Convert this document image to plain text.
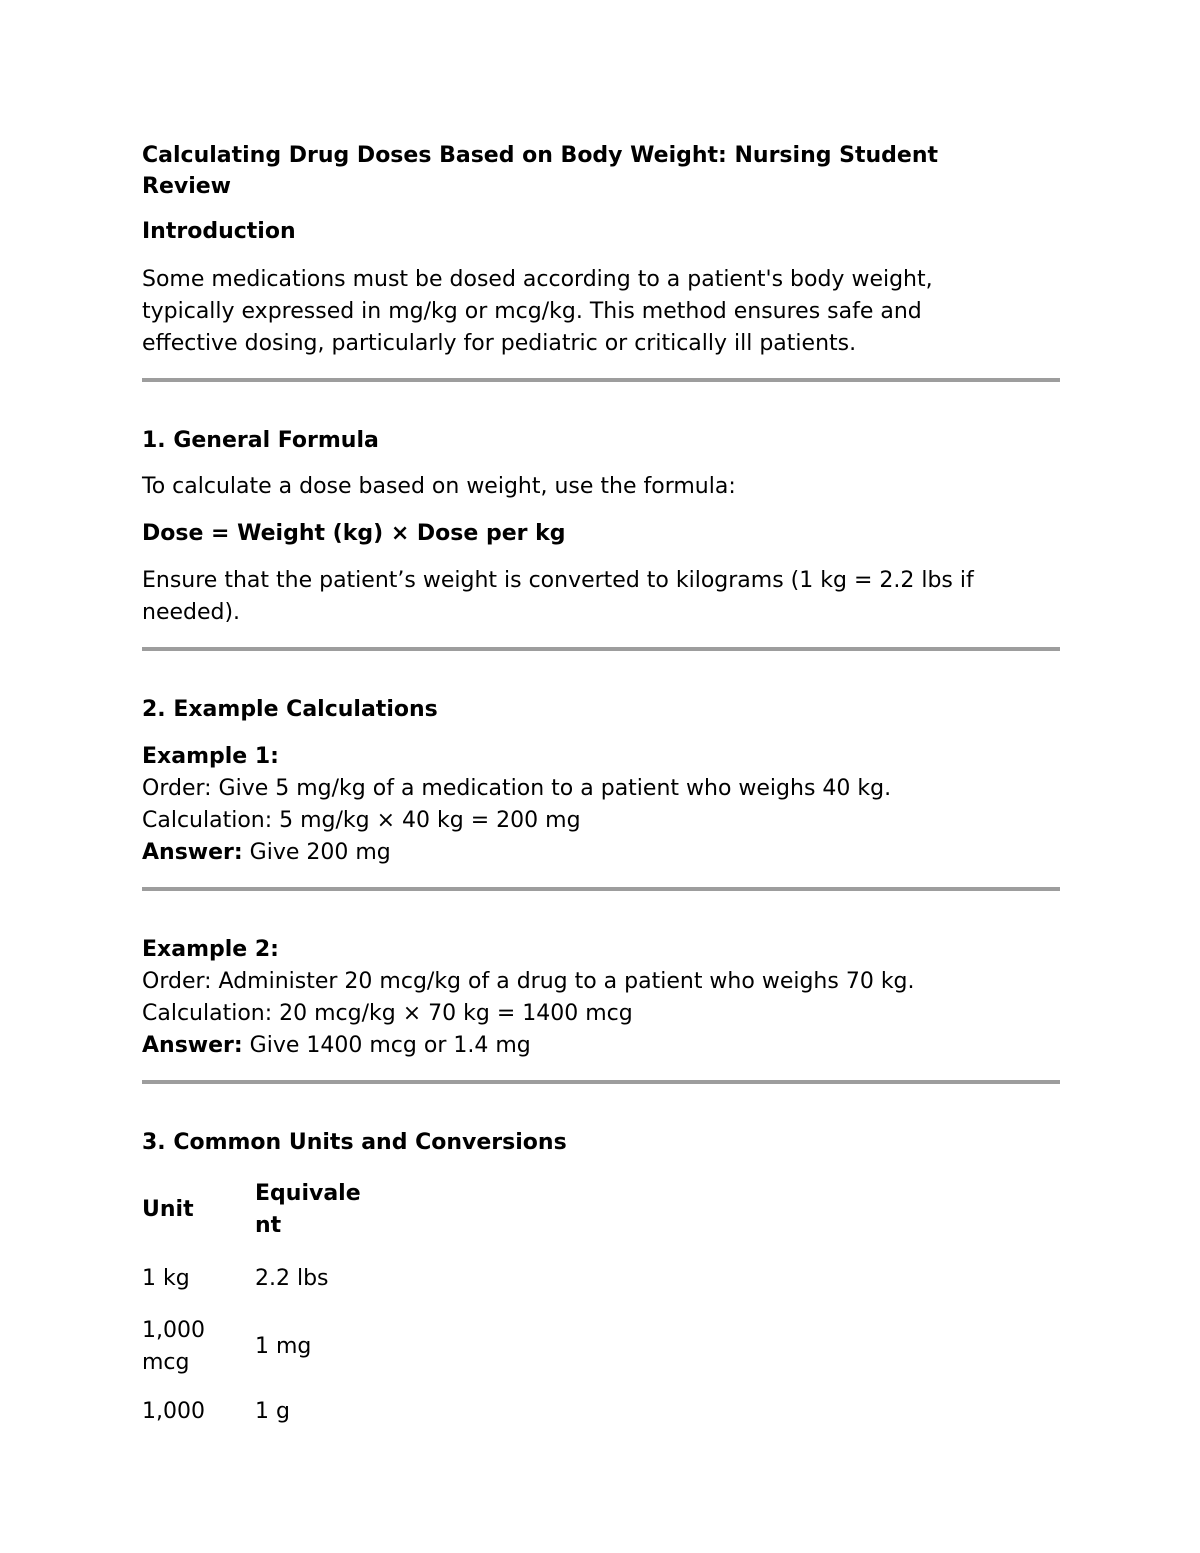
Calculating Drug Doses Based on Body Weight: Nursing Student Review
Introduction

Some medications must be dosed according to a patient's body weight, typically expressed in mg/kg or mcg/kg. This method ensures safe and effective dosing, particularly for pediatric or critically ill patients.

1. General Formula

To calculate a dose based on weight, use the formula:

Dose = Weight (kg) × Dose per kg

Ensure that the patient’s weight is converted to kilograms (1 kg = 2.2 lbs if needed).

2. Example Calculations
Example 1:
Order: Give 5 mg/kg of a medication to a patient who weighs 40 kg.
Calculation: 5 mg/kg × 40 kg = 200 mg
Answer: Give 200 mg
Example 2:
Order: Administer 20 mcg/kg of a drug to a patient who weighs 70 kg.
Calculation: 20 mcg/kg × 70 kg = 1400 mcg
Answer: Give 1400 mcg or 1.4 mg
3. Common Units and Conversions
Unit	Equivalent
1 kg	2.2 lbs
1,000 mcg	1 mg
1,000	1 g
